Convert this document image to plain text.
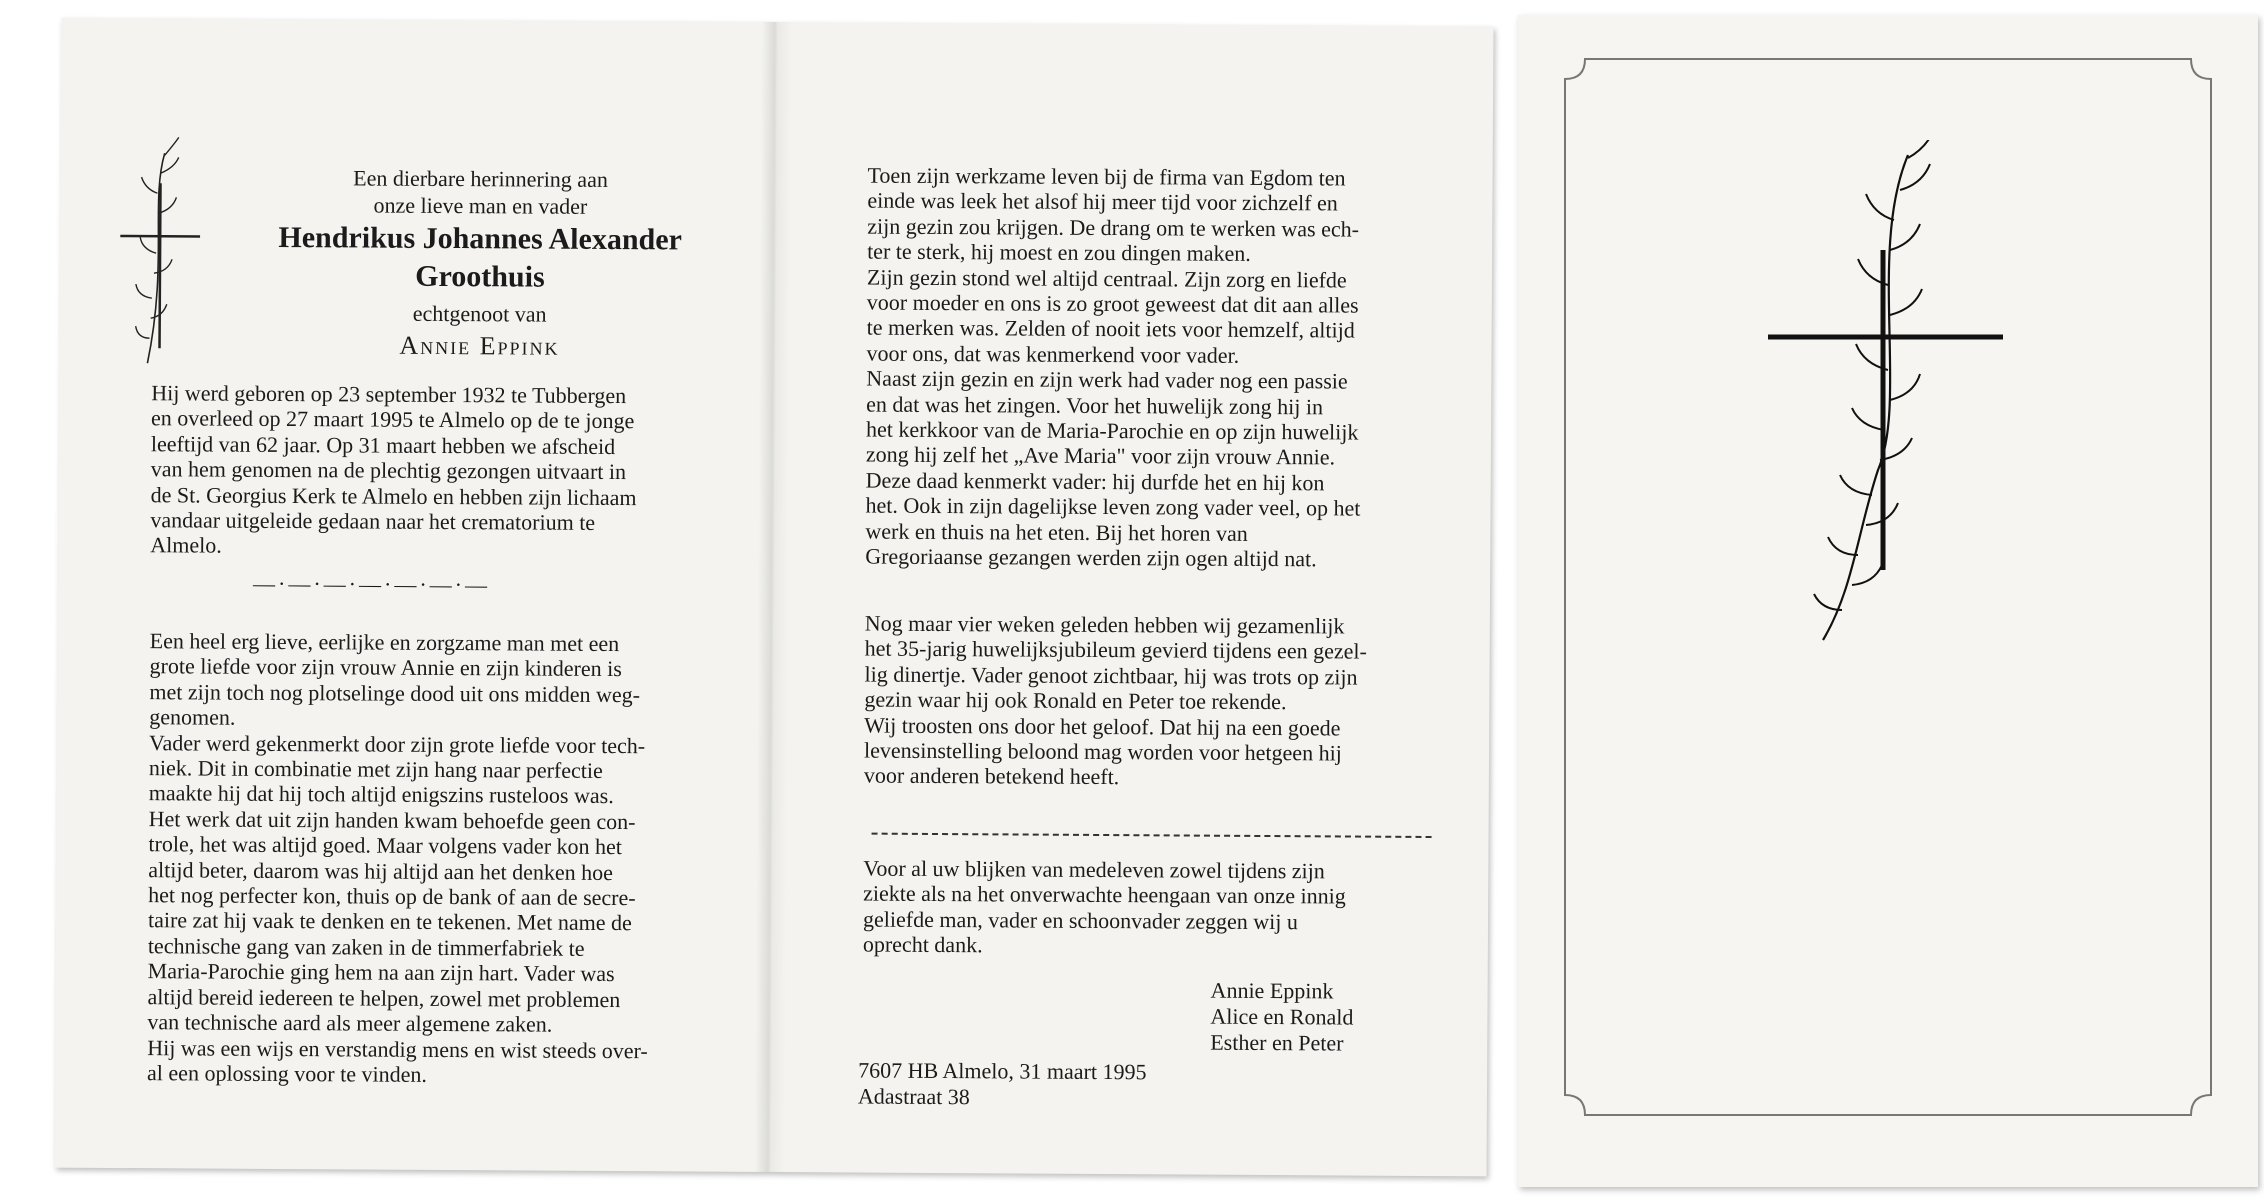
Een dierbare herinnering aan
onze lieve man en vader
Hendrikus Johannes Alexander
Groothuis
echtgenoot van
Annie Eppink

Hij werd geboren op 23 september 1932 te Tubbergen

en overleed op 27 maart 1995 te Almelo op de te jonge

leeftijd van 62 jaar. Op 31 maart hebben we afscheid

van hem genomen na de plechtig gezongen uitvaart in

de St. Georgius Kerk te Almelo en hebben zijn lichaam

vandaar uitgeleide gedaan naar het crematorium te

Almelo.

—·—·—·—·—·—·—

Een heel erg lieve, eerlijke en zorgzame man met een

grote liefde voor zijn vrouw Annie en zijn kinderen is

met zijn toch nog plotselinge dood uit ons midden weg-

genomen.

Vader werd gekenmerkt door zijn grote liefde voor tech-

niek. Dit in combinatie met zijn hang naar perfectie

maakte hij dat hij toch altijd enigszins rusteloos was.

Het werk dat uit zijn handen kwam behoefde geen con-

trole, het was altijd goed. Maar volgens vader kon het

altijd beter, daarom was hij altijd aan het denken hoe

het nog perfecter kon, thuis op de bank of aan de secre-

taire zat hij vaak te denken en te tekenen. Met name de

technische gang van zaken in de timmerfabriek te

Maria-Parochie ging hem na aan zijn hart. Vader was

altijd bereid iedereen te helpen, zowel met problemen

van technische aard als meer algemene zaken.

Hij was een wijs en verstandig mens en wist steeds over-

al een oplossing voor te vinden.

Toen zijn werkzame leven bij de firma van Egdom ten

einde was leek het alsof hij meer tijd voor zichzelf en

zijn gezin zou krijgen. De drang om te werken was ech-

ter te sterk, hij moest en zou dingen maken.

Zijn gezin stond wel altijd centraal. Zijn zorg en liefde

voor moeder en ons is zo groot geweest dat dit aan alles

te merken was. Zelden of nooit iets voor hemzelf, altijd

voor ons, dat was kenmerkend voor vader.

Naast zijn gezin en zijn werk had vader nog een passie

en dat was het zingen. Voor het huwelijk zong hij in

het kerkkoor van de Maria-Parochie en op zijn huwelijk

zong hij zelf het „Ave Maria" voor zijn vrouw Annie.

Deze daad kenmerkt vader: hij durfde het en hij kon

het. Ook in zijn dagelijkse leven zong vader veel, op het

werk en thuis na het eten. Bij het horen van

Gregoriaanse gezangen werden zijn ogen altijd nat.

Nog maar vier weken geleden hebben wij gezamenlijk

het 35-jarig huwelijksjubileum gevierd tijdens een gezel-

lig dinertje. Vader genoot zichtbaar, hij was trots op zijn

gezin waar hij ook Ronald en Peter toe rekende.

Wij troosten ons door het geloof. Dat hij na een goede

levensinstelling beloond mag worden voor hetgeen hij

voor anderen betekend heeft.

Voor al uw blijken van medeleven zowel tijdens zijn

ziekte als na het onverwachte heengaan van onze innig

geliefde man, vader en schoonvader zeggen wij u

oprecht dank.

Annie Eppink
Alice en Ronald
Esther en Peter
7607 HB Almelo, 31 maart 1995
Adastraat 38
